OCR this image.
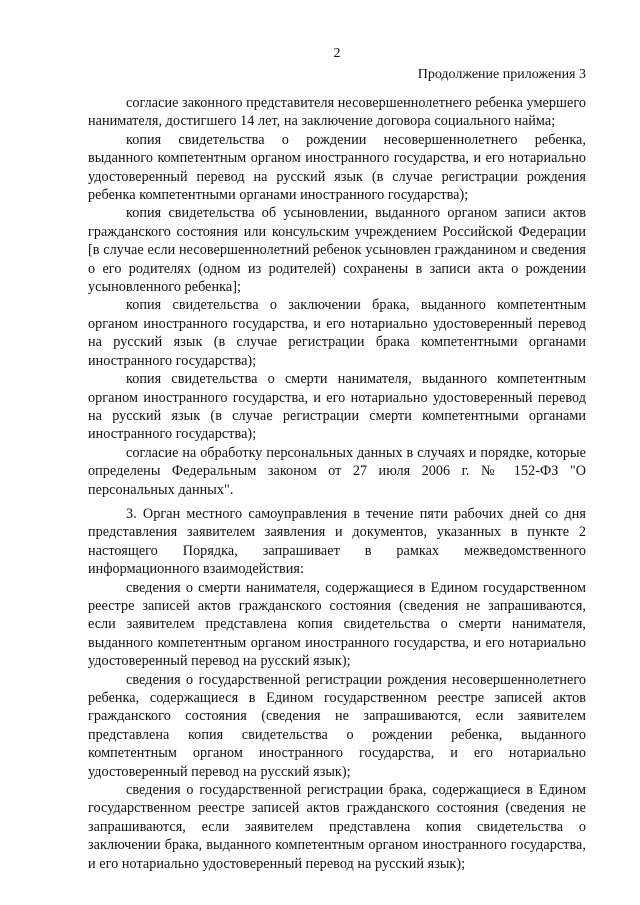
2
Продолжение приложения 3

согласие законного представителя несовершеннолетнего ребенка умершего нанимателя, достигшего 14 лет, на заключение договора социального найма;

копия свидетельства о рождении несовершеннолетнего ребенка, выданного компетентным органом иностранного государства, и его нотариально удостоверенный перевод на русский язык (в случае регистрации рождения ребенка компетентными органами иностранного государства);

копия свидетельства об усыновлении, выданного органом записи актов гражданского состояния или консульским учреждением Российской Федерации [в случае если несовершеннолетний ребенок усыновлен гражданином и сведения о его родителях (одном из родителей) сохранены в записи акта о рождении усыновленного ребенка];

копия свидетельства о заключении брака, выданного компетентным органом иностранного государства, и его нотариально удостоверенный перевод на русский язык (в случае регистрации брака компетентными органами иностранного государства);

копия свидетельства о смерти нанимателя, выданного компетентным органом иностранного государства, и его нотариально удостоверенный перевод на русский язык (в случае регистрации смерти компетентными органами иностранного государства);

согласие на обработку персональных данных в случаях и порядке, которые определены Федеральным законом от 27 июля 2006 г. № 152-ФЗ "О персональных данных".

3. Орган местного самоуправления в течение пяти рабочих дней со дня представления заявителем заявления и документов, указанных в пункте 2 настоящего Порядка, запрашивает в рамках межведомственного информационного взаимодействия:

сведения о смерти нанимателя, содержащиеся в Едином государственном реестре записей актов гражданского состояния (сведения не запрашиваются, если заявителем представлена копия свидетельства о смерти нанимателя, выданного компетентным органом иностранного государства, и его нотариально удостоверенный перевод на русский язык);

сведения о государственной регистрации рождения несовершеннолетнего ребенка, содержащиеся в Едином государственном реестре записей актов гражданского состояния (сведения не запрашиваются, если заявителем представлена копия свидетельства о рождении ребенка, выданного компетентным органом иностранного государства, и его нотариально удостоверенный перевод на русский язык);

сведения о государственной регистрации брака, содержащиеся в Едином государственном реестре записей актов гражданского состояния (сведения не запрашиваются, если заявителем представлена копия свидетельства о заключении брака, выданного компетентным органом иностранного государства, и его нотариально удостоверенный перевод на русский язык);
